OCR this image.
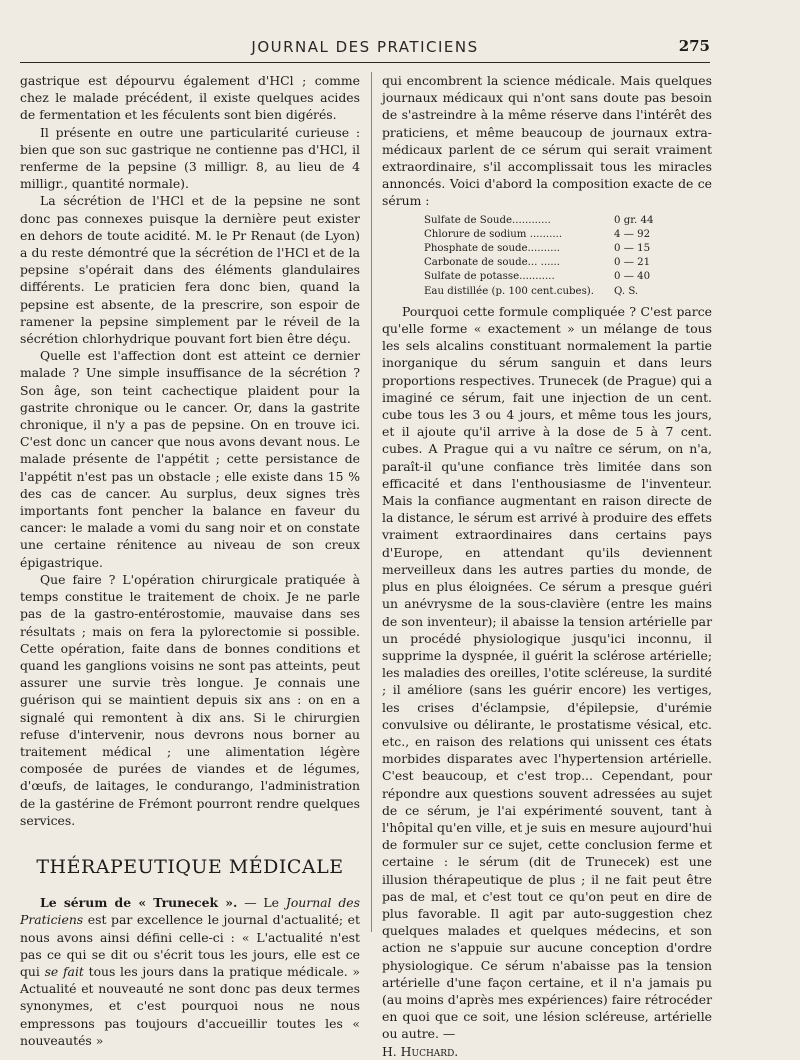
JOURNAL DES PRATICIENS	275

gastrique est dépourvu également d'HCl ; comme chez le malade précédent, il existe quelques acides de fermentation et les féculents sont bien digérés.

Il présente en outre une particularité curieuse : bien que son suc gastrique ne contienne pas d'HCl, il renferme de la pepsine (3 milligr. 8, au lieu de 4 milligr., quantité normale).

La sécrétion de l'HCl et de la pepsine ne sont donc pas connexes puisque la dernière peut exister en dehors de toute acidité. M. le Pr Renaut (de Lyon) a du reste démontré que la sécrétion de l'HCl et de la pepsine s'opérait dans des éléments glandulaires différents. Le praticien fera donc bien, quand la pepsine est absente, de la prescrire, son espoir de ramener la pepsine simplement par le réveil de la sécrétion chlorhydrique pouvant fort bien être déçu.

Quelle est l'affection dont est atteint ce dernier malade ? Une simple insuffisance de la sécrétion ? Son âge, son teint cachectique plaident pour la gastrite chronique ou le cancer. Or, dans la gastrite chronique, il n'y a pas de pepsine. On en trouve ici. C'est donc un cancer que nous avons devant nous. Le malade présente de l'appétit ; cette persistance de l'appétit n'est pas un obstacle ; elle existe dans 15 % des cas de cancer. Au surplus, deux signes très importants font pencher la balance en faveur du cancer: le malade a vomi du sang noir et on constate une certaine rénitence au niveau de son creux épigastrique.

Que faire ? L'opération chirurgicale pratiquée à temps constitue le traitement de choix. Je ne parle pas de la gastro-entérostomie, mauvaise dans ses résultats ; mais on fera la pylorectomie si possible. Cette opération, faite dans de bonnes conditions et quand les ganglions voisins ne sont pas atteints, peut assurer une survie très longue. Je connais une guérison qui se maintient depuis six ans : on en a signalé qui remontent à dix ans. Si le chirurgien refuse d'intervenir, nous devrons nous borner au traitement médical ; une alimentation légère composée de purées de viandes et de légumes, d'œufs, de laitages, le condurango, l'administration de la gastérine de Frémont pourront rendre quelques services.

THÉRAPEUTIQUE MÉDICALE

Le sérum de « Trunecek ». — Le Journal des Praticiens est par excellence le journal d'actualité; et nous avons ainsi défini celle-ci : « L'actualité n'est pas ce qui se dit ou s'écrit tous les jours, elle est ce qui se fait tous les jours dans la pratique médicale. » Actualité et nouveauté ne sont donc pas deux termes synonymes, et c'est pourquoi nous ne nous empressons pas toujours d'accueillir toutes les « nouveautés »

qui encombrent la science médicale. Mais quelques journaux médicaux qui n'ont sans doute pas besoin de s'astreindre à la même réserve dans l'intérêt des praticiens, et même beaucoup de journaux extra-médicaux parlent de ce sérum qui serait vraiment extraordinaire, s'il accomplissait tous les miracles annoncés. Voici d'abord la composition exacte de ce sérum :

Sulfate de Soude............	0 gr. 44
Chlorure de sodium ..........	4 — 92
Phosphate de soude..........	0 — 15
Carbonate de soude... ......	0 — 21
Sulfate de potasse...........	0 — 40
Eau distillée (p. 100 cent.cubes).	Q. S.

Pourquoi cette formule compliquée ? C'est parce qu'elle forme « exactement » un mélange de tous les sels alcalins constituant normalement la partie inorganique du sérum sanguin et dans leurs proportions respectives. Trunecek (de Prague) qui a imaginé ce sérum, fait une injection de un cent. cube tous les 3 ou 4 jours, et même tous les jours, et il ajoute qu'il arrive à la dose de 5 à 7 cent. cubes. A Prague qui a vu naître ce sérum, on n'a, paraît-il qu'une confiance très limitée dans son efficacité et dans l'enthousiasme de l'inventeur. Mais la confiance augmentant en raison directe de la distance, le sérum est arrivé à produire des effets vraiment extraordinaires dans certains pays d'Europe, en attendant qu'ils deviennent merveilleux dans les autres parties du monde, de plus en plus éloignées. Ce sérum a presque guéri un anévrysme de la sous-clavière (entre les mains de son inventeur); il abaisse la tension artérielle par un procédé physiologique jusqu'ici inconnu, il supprime la dyspnée, il guérit la sclérose artérielle; les maladies des oreilles, l'otite scléreuse, la surdité ; il améliore (sans les guérir encore) les vertiges, les crises d'éclampsie, d'épilepsie, d'urémie convulsive ou délirante, le prostatisme vésical, etc. etc., en raison des relations qui unissent ces états morbides disparates avec l'hypertension artérielle. C'est beaucoup, et c'est trop... Cependant, pour répondre aux questions souvent adressées au sujet de ce sérum, je l'ai expérimenté souvent, tant à l'hôpital qu'en ville, et je suis en mesure aujourd'hui de formuler sur ce sujet, cette conclusion ferme et certaine : le sérum (dit de Trunecek) est une illusion thérapeutique de plus ; il ne fait peut être pas de mal, et c'est tout ce qu'on peut en dire de plus favorable. Il agit par auto-suggestion chez quelques malades et quelques médecins, et son action ne s'appuie sur aucune conception d'ordre physiologique. Ce sérum n'abaisse pas la tension artérielle d'une façon certaine, et il n'a jamais pu (au moins d'après mes expériences) faire rétrocéder en quoi que ce soit, une lésion scléreuse, artérielle ou autre. —

H. Huchard.
